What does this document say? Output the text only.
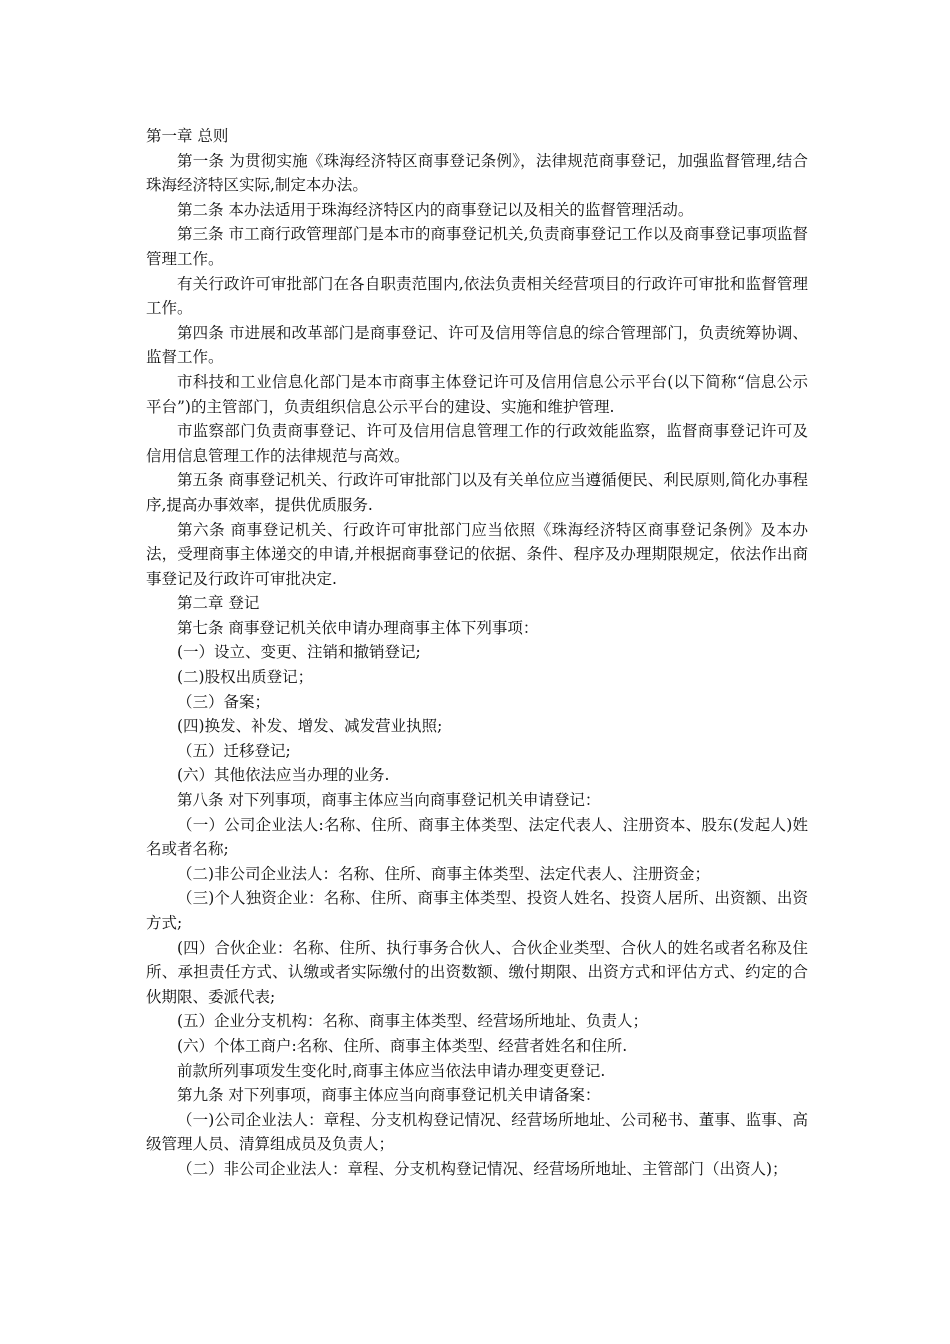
第一章 总则

第一条 为贯彻实施《珠海经济特区商事登记条例》，法律规范商事登记，加强监督管理,结合珠海经济特区实际,制定本办法。

第二条 本办法适用于珠海经济特区内的商事登记以及相关的监督管理活动。

第三条 市工商行政管理部门是本市的商事登记机关,负责商事登记工作以及商事登记事项监督管理工作。

有关行政许可审批部门在各自职责范围内,依法负责相关经营项目的行政许可审批和监督管理工作。

第四条 市进展和改革部门是商事登记、许可及信用等信息的综合管理部门，负责统筹协调、监督工作。

市科技和工业信息化部门是本市商事主体登记许可及信用信息公示平台(以下简称“信息公示平台”)的主管部门，负责组织信息公示平台的建设、实施和维护管理.

市监察部门负责商事登记、许可及信用信息管理工作的行政效能监察，监督商事登记许可及信用信息管理工作的法律规范与高效。

第五条 商事登记机关、行政许可审批部门以及有关单位应当遵循便民、利民原则,简化办事程序,提高办事效率，提供优质服务.

第六条 商事登记机关、行政许可审批部门应当依照《珠海经济特区商事登记条例》及本办法，受理商事主体递交的申请,并根据商事登记的依据、条件、程序及办理期限规定，依法作出商事登记及行政许可审批决定.

第二章 登记

第七条 商事登记机关依申请办理商事主体下列事项：

(一）设立、变更、注销和撤销登记;

(二)股权出质登记；

（三）备案；

(四)换发、补发、增发、减发营业执照;

（五）迁移登记;

(六）其他依法应当办理的业务.

第八条 对下列事项，商事主体应当向商事登记机关申请登记：

（一）公司企业法人:名称、住所、商事主体类型、法定代表人、注册资本、股东(发起人)姓名或者名称;

（二)非公司企业法人：名称、住所、商事主体类型、法定代表人、注册资金；

（三)个人独资企业：名称、住所、商事主体类型、投资人姓名、投资人居所、出资额、出资方式;

(四）合伙企业：名称、住所、执行事务合伙人、合伙企业类型、合伙人的姓名或者名称及住所、承担责任方式、认缴或者实际缴付的出资数额、缴付期限、出资方式和评估方式、约定的合伙期限、委派代表;

(五）企业分支机构：名称、商事主体类型、经营场所地址、负责人；

(六）个体工商户:名称、住所、商事主体类型、经营者姓名和住所.

前款所列事项发生变化时,商事主体应当依法申请办理变更登记.

第九条 对下列事项，商事主体应当向商事登记机关申请备案：

（一)公司企业法人：章程、分支机构登记情况、经营场所地址、公司秘书、董事、监事、高级管理人员、清算组成员及负责人；

（二）非公司企业法人：章程、分支机构登记情况、经营场所地址、主管部门（出资人)；
